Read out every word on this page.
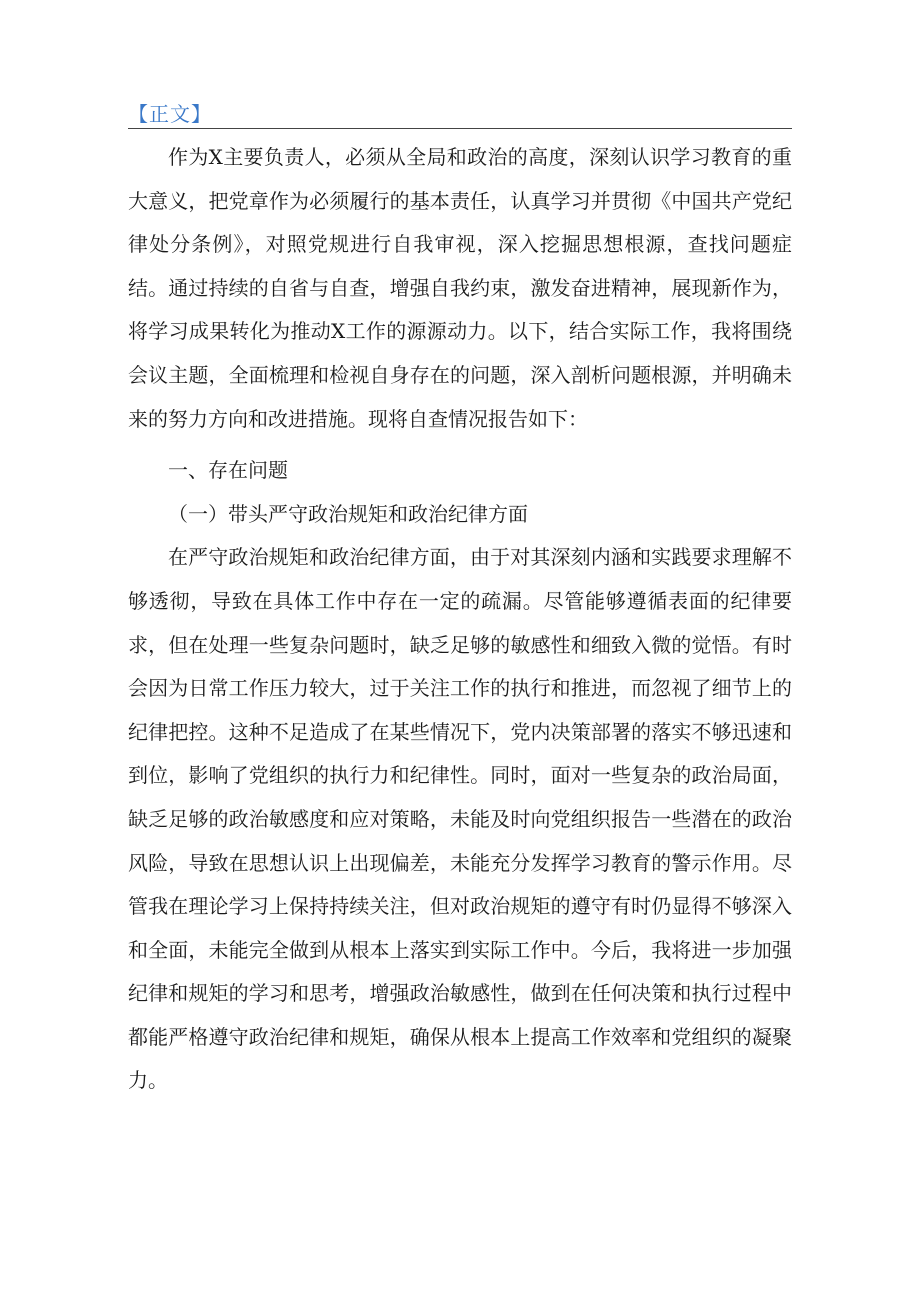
【正文】

作为X主要负责人，必须从全局和政治的高度，深刻认识学习教育的重大意义，把党章作为必须履行的基本责任，认真学习并贯彻《中国共产党纪律处分条例》，对照党规进行自我审视，深入挖掘思想根源，查找问题症结。通过持续的自省与自查，增强自我约束，激发奋进精神，展现新作为，将学习成果转化为推动X工作的源源动力。以下，结合实际工作，我将围绕会议主题，全面梳理和检视自身存在的问题，深入剖析问题根源，并明确未来的努力方向和改进措施。现将自查情况报告如下：

一、存在问题

（一）带头严守政治规矩和政治纪律方面

在严守政治规矩和政治纪律方面，由于对其深刻内涵和实践要求理解不够透彻，导致在具体工作中存在一定的疏漏。尽管能够遵循表面的纪律要求，但在处理一些复杂问题时，缺乏足够的敏感性和细致入微的觉悟。有时会因为日常工作压力较大，过于关注工作的执行和推进，而忽视了细节上的纪律把控。这种不足造成了在某些情况下，党内决策部署的落实不够迅速和到位，影响了党组织的执行力和纪律性。同时，面对一些复杂的政治局面，缺乏足够的政治敏感度和应对策略，未能及时向党组织报告一些潜在的政治风险，导致在思想认识上出现偏差，未能充分发挥学习教育的警示作用。尽管我在理论学习上保持持续关注，但对政治规矩的遵守有时仍显得不够深入和全面，未能完全做到从根本上落实到实际工作中。今后，我将进一步加强纪律和规矩的学习和思考，增强政治敏感性，做到在任何决策和执行过程中都能严格遵守政治纪律和规矩，确保从根本上提高工作效率和党组织的凝聚力。
